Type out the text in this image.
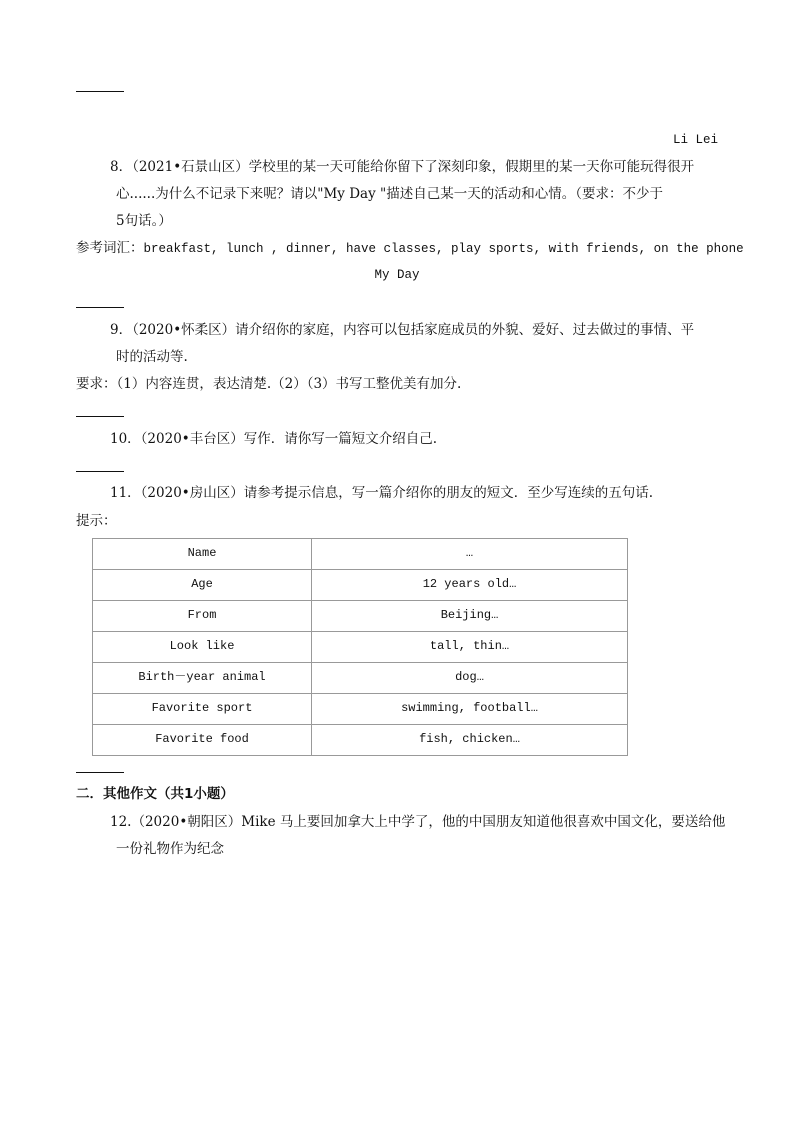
Li Lei
8．（2021•石景山区）学校里的某一天可能给你留下了深刻印象，假期里的某一天你可能玩得很开
心......为什么不记录下来呢？请以"My Day "描述自己某一天的活动和心情。（要求：不少于
5句话。）
参考词汇：breakfast, lunch , dinner, have classes, play sports, with friends, on the phone
My Day
9．（2020•怀柔区）请介绍你的家庭，内容可以包括家庭成员的外貌、爱好、过去做过的事情、平
时的活动等.
要求：（1）内容连贯，表达清楚.（2）（3）书写工整优美有加分.
10．（2020•丰台区）写作．请你写一篇短文介绍自己.
11．（2020•房山区）请参考提示信息，写一篇介绍你的朋友的短文．至少写连续的五句话.
提示：
Name	…
Age	12 years old…
From	Beijing…
Look like	tall, thin…
Birth－year animal	dog…
Favorite sport	swimming, football…
Favorite food	fish, chicken…
二．其他作文（共1小题）
12.（2020•朝阳区）Mike 马上要回加拿大上中学了，他的中国朋友知道他很喜欢中国文化，要送给他
一份礼物作为纪念
